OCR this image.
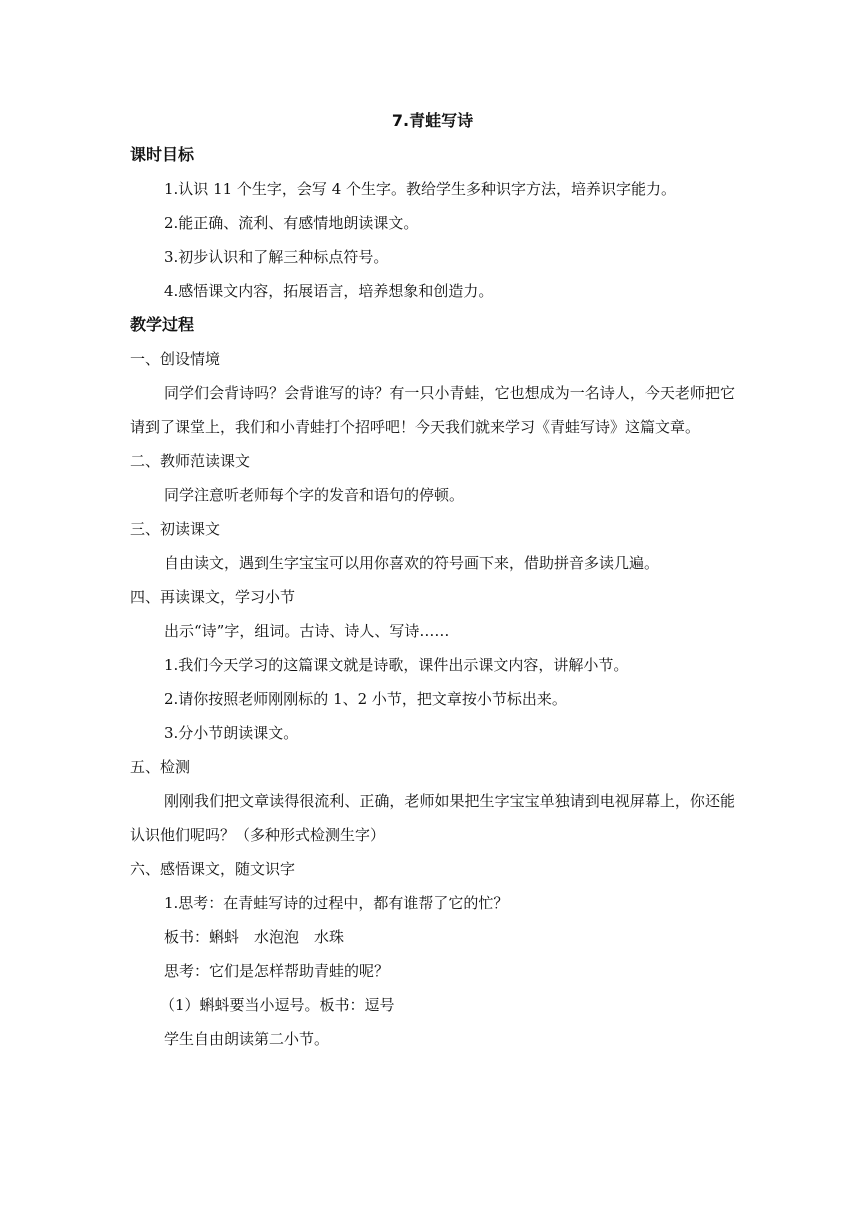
7.青蛙写诗

课时目标

1.认识 11 个生字，会写 4 个生字。教给学生多种识字方法，培养识字能力。

2.能正确、流利、有感情地朗读课文。

3.初步认识和了解三种标点符号。

4.感悟课文内容，拓展语言，培养想象和创造力。

教学过程

一、创设情境

同学们会背诗吗？会背谁写的诗？有一只小青蛙，它也想成为一名诗人，今天老师把它请到了课堂上，我们和小青蛙打个招呼吧！今天我们就来学习《青蛙写诗》这篇文章。

二、教师范读课文

同学注意听老师每个字的发音和语句的停顿。

三、初读课文

自由读文，遇到生字宝宝可以用你喜欢的符号画下来，借助拼音多读几遍。

四、再读课文，学习小节

出示“诗”字，组词。古诗、诗人、写诗……

1.我们今天学习的这篇课文就是诗歌，课件出示课文内容，讲解小节。

2.请你按照老师刚刚标的 1、2 小节，把文章按小节标出来。

3.分小节朗读课文。

五、检测

刚刚我们把文章读得很流利、正确，老师如果把生字宝宝单独请到电视屏幕上，你还能认识他们呢吗？（多种形式检测生字）

六、感悟课文，随文识字

1.思考：在青蛙写诗的过程中，都有谁帮了它的忙？

板书：蝌蚪　水泡泡　水珠

思考：它们是怎样帮助青蛙的呢？

（1）蝌蚪要当小逗号。板书：逗号

学生自由朗读第二小节。
